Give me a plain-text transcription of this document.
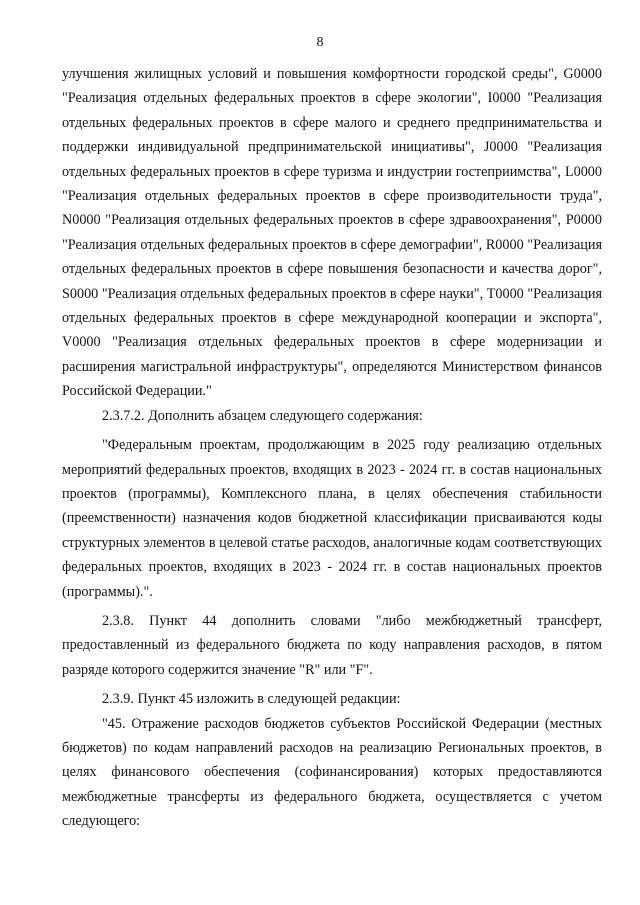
8

улучшения жилищных условий и повышения комфортности городской среды", G0000 "Реализация отдельных федеральных проектов в сфере экологии", I0000 "Реализация отдельных федеральных проектов в сфере малого и среднего предпринимательства и поддержки индивидуальной предпринимательской инициативы", J0000 "Реализация отдельных федеральных проектов в сфере туризма и индустрии гостеприимства", L0000 "Реализация отдельных федеральных проектов в сфере производительности труда", N0000 "Реализация отдельных федеральных проектов в сфере здравоохранения", P0000 "Реализация отдельных федеральных проектов в сфере демографии", R0000 "Реализация отдельных федеральных проектов в сфере повышения безопасности и качества дорог", S0000 "Реализация отдельных федеральных проектов в сфере науки", T0000 "Реализация отдельных федеральных проектов в сфере международной кооперации и экспорта", V0000 "Реализация отдельных федеральных проектов в сфере модернизации и расширения магистральной инфраструктуры", определяются Министерством финансов Российской Федерации."

2.3.7.2. Дополнить абзацем следующего содержания:

"Федеральным проектам, продолжающим в 2025 году реализацию отдельных мероприятий федеральных проектов, входящих в 2023 - 2024 гг. в состав национальных проектов (программы), Комплексного плана, в целях обеспечения стабильности (преемственности) назначения кодов бюджетной классификации присваиваются коды структурных элементов в целевой статье расходов, аналогичные кодам соответствующих федеральных проектов, входящих в 2023 - 2024 гг. в состав национальных проектов (программы).".

2.3.8. Пункт 44 дополнить словами "либо межбюджетный трансферт, предоставленный из федерального бюджета по коду направления расходов, в пятом разряде которого содержится значение "R" или "F".

2.3.9. Пункт 45 изложить в следующей редакции:

"45. Отражение расходов бюджетов субъектов Российской Федерации (местных бюджетов) по кодам направлений расходов на реализацию Региональных проектов, в целях финансового обеспечения (софинансирования) которых предоставляются межбюджетные трансферты из федерального бюджета, осуществляется с учетом следующего:
